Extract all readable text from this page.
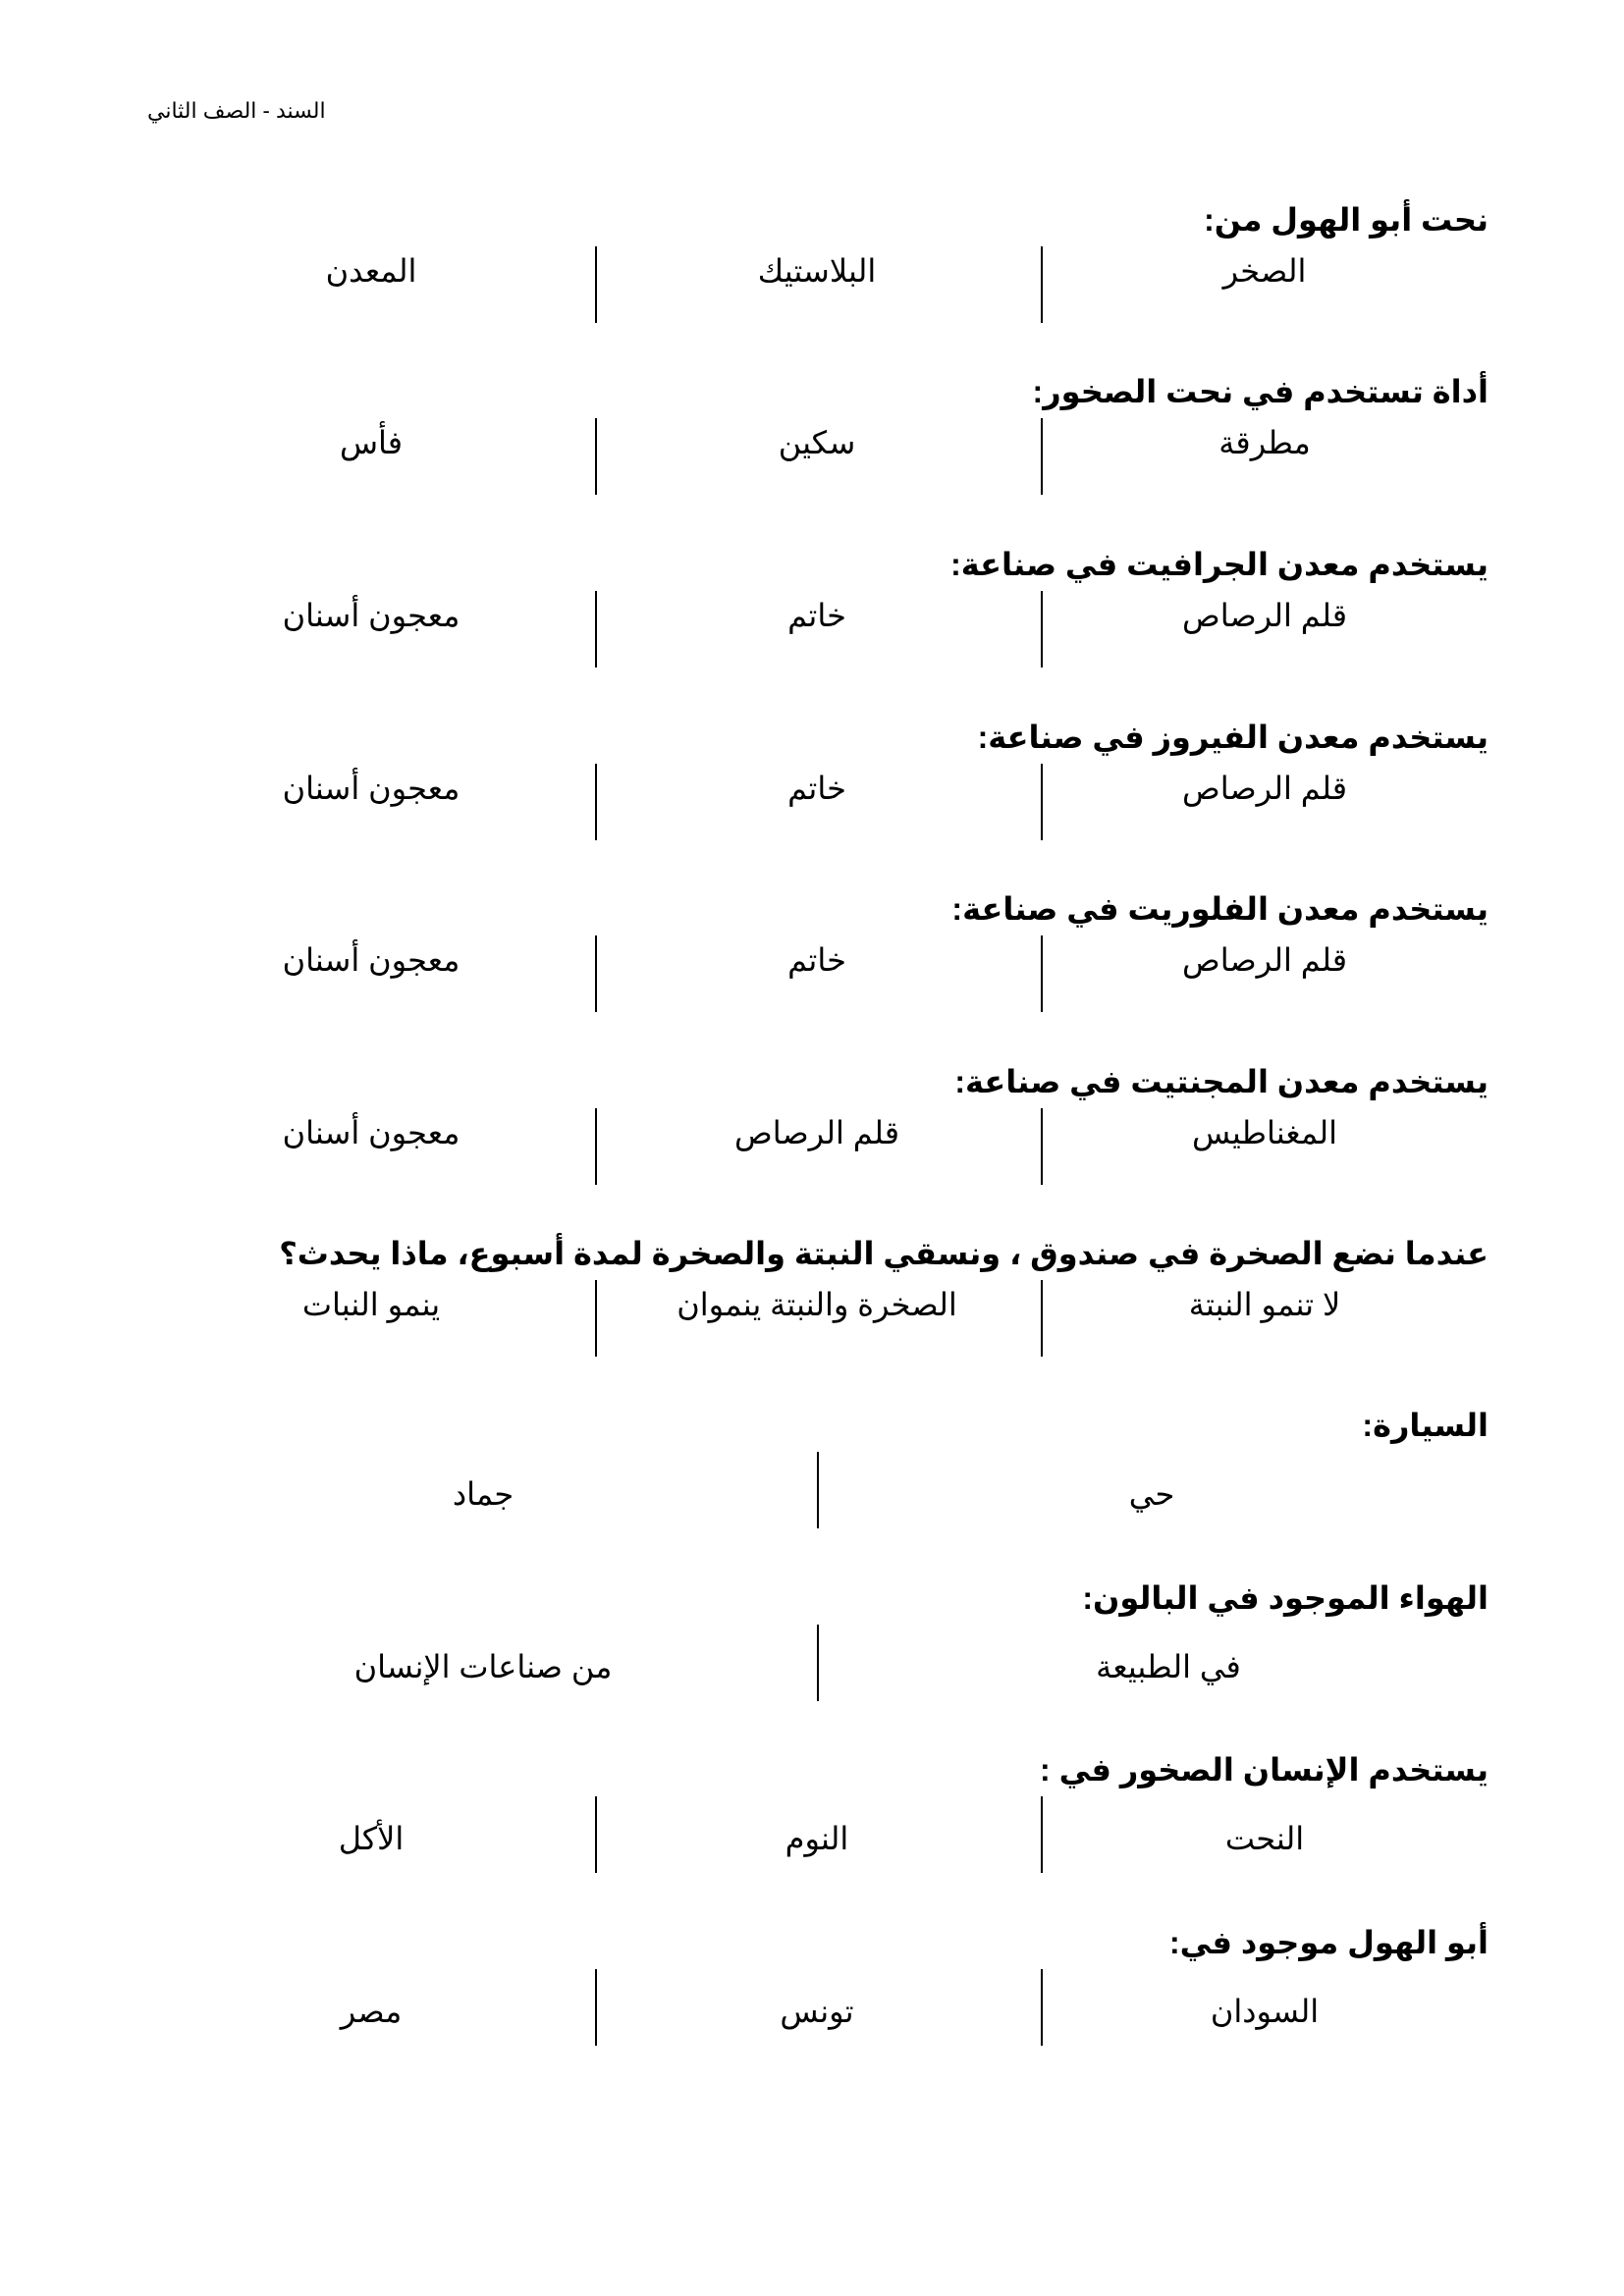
السند - الصف الثاني
نحت أبو الهول من:
الصخر
البلاستيك
المعدن
أداة تستخدم في نحت الصخور:
مطرقة
سكين
فأس
يستخدم معدن الجرافيت في صناعة:
قلم الرصاص
خاتم
معجون أسنان
يستخدم معدن الفيروز في صناعة:
قلم الرصاص
خاتم
معجون أسنان
يستخدم معدن الفلوريت في صناعة:
قلم الرصاص
خاتم
معجون أسنان
يستخدم معدن المجنتيت في صناعة:
المغناطيس
قلم الرصاص
معجون أسنان
عندما نضع الصخرة في صندوق ، ونسقي النبتة والصخرة لمدة أسبوع، ماذا يحدث؟
لا تنمو النبتة
الصخرة والنبتة ينموان
ينمو النبات
السيارة:
حي
جماد
الهواء الموجود في البالون:
في الطبيعة
من صناعات الإنسان
يستخدم الإنسان الصخور في :
النحت
النوم
الأكل
أبو الهول موجود في:
السودان
تونس
مصر
